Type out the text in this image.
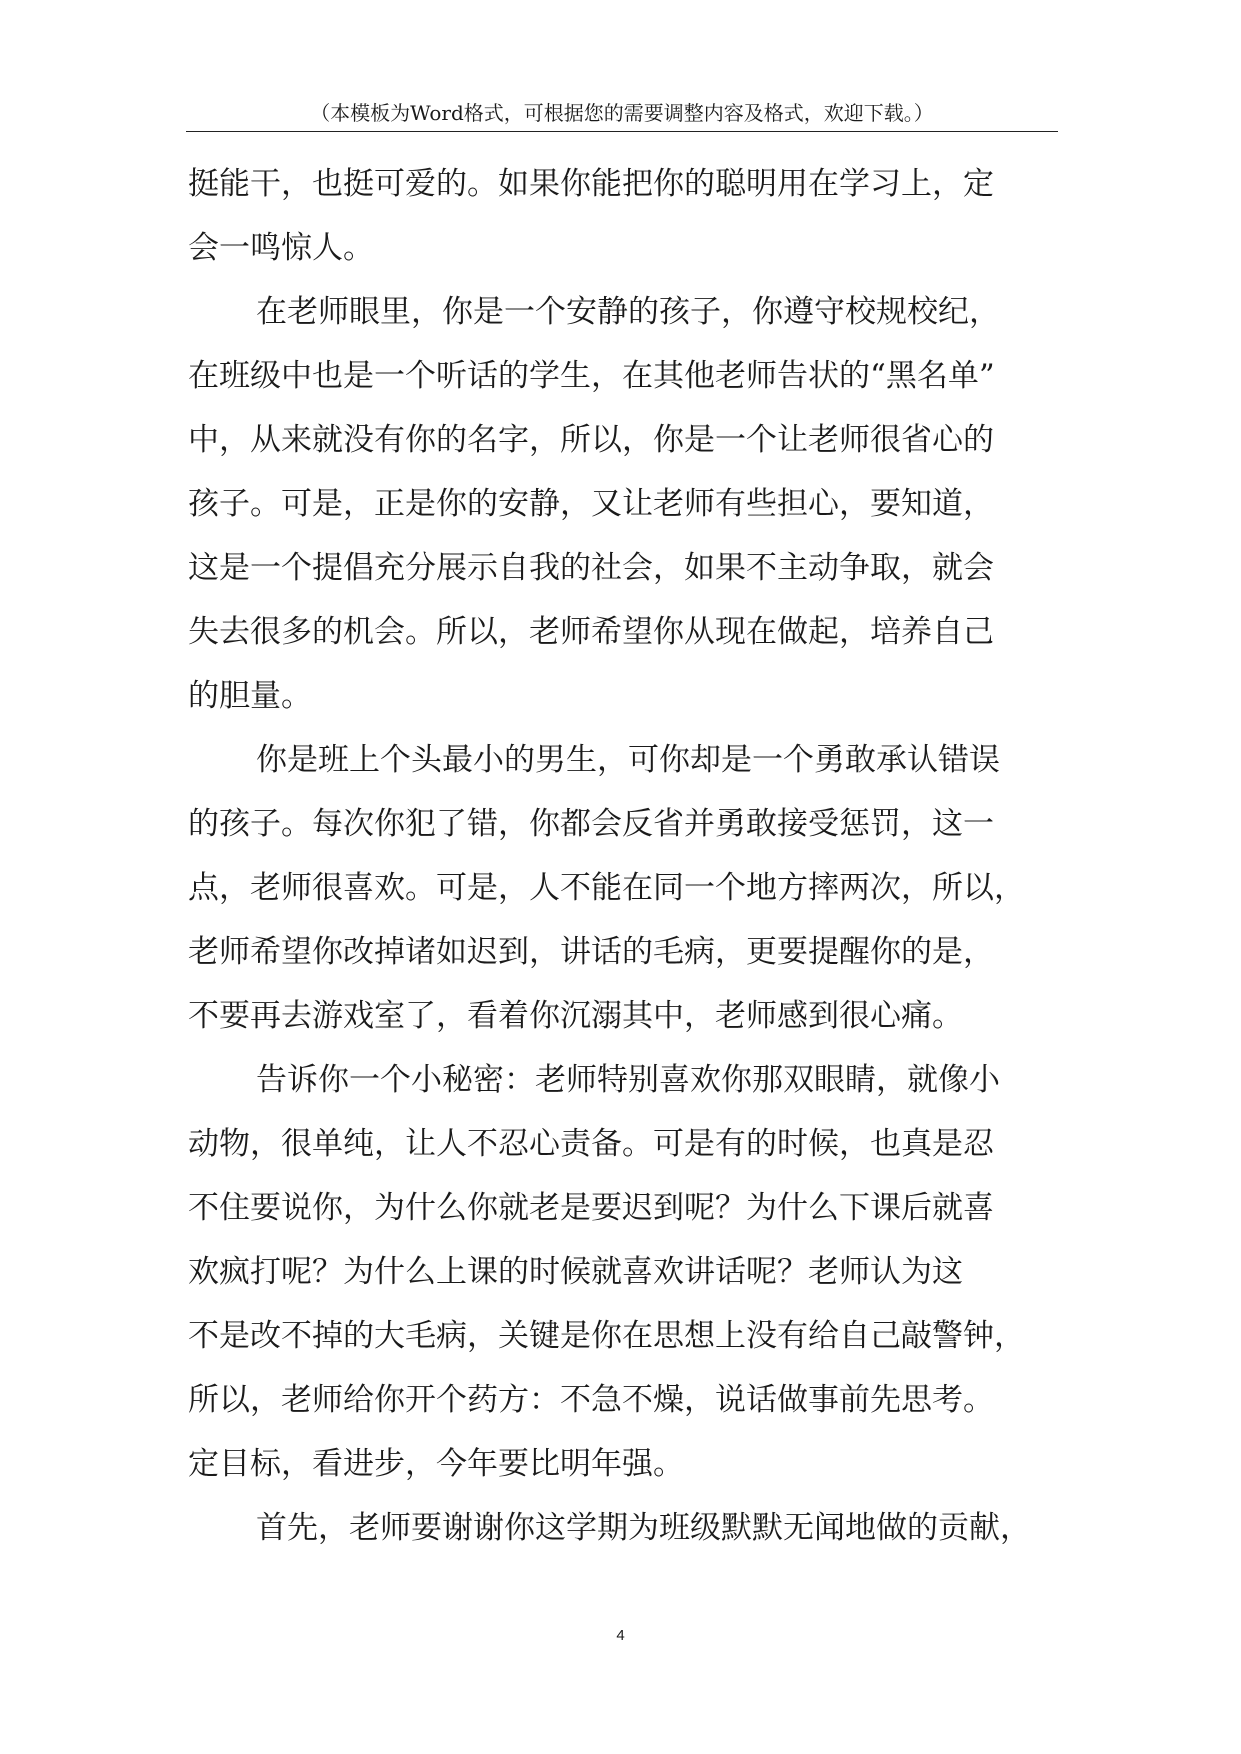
（本模板为Word格式，可根据您的需要调整内容及格式，欢迎下载。）
挺能干，也挺可爱的。如果你能把你的聪明用在学习上，定
会一鸣惊人。
在老师眼里，你是一个安静的孩子，你遵守校规校纪，
在班级中也是一个听话的学生，在其他老师告状的“黑名单”
中，从来就没有你的名字，所以，你是一个让老师很省心的
孩子。可是，正是你的安静，又让老师有些担心，要知道，
这是一个提倡充分展示自我的社会，如果不主动争取，就会
失去很多的机会。所以，老师希望你从现在做起，培养自己
的胆量。
你是班上个头最小的男生，可你却是一个勇敢承认错误
的孩子。每次你犯了错，你都会反省并勇敢接受惩罚，这一
点，老师很喜欢。可是，人不能在同一个地方摔两次，所以，
老师希望你改掉诸如迟到，讲话的毛病，更要提醒你的是，
不要再去游戏室了，看着你沉溺其中，老师感到很心痛。
告诉你一个小秘密：老师特别喜欢你那双眼睛，就像小
动物，很单纯，让人不忍心责备。可是有的时候，也真是忍
不住要说你，为什么你就老是要迟到呢？为什么下课后就喜
欢疯打呢？为什么上课的时候就喜欢讲话呢？老师认为这
不是改不掉的大毛病，关键是你在思想上没有给自己敲警钟，
所以，老师给你开个药方：不急不燥，说话做事前先思考。
定目标，看进步，今年要比明年强。
首先，老师要谢谢你这学期为班级默默无闻地做的贡献，
4
